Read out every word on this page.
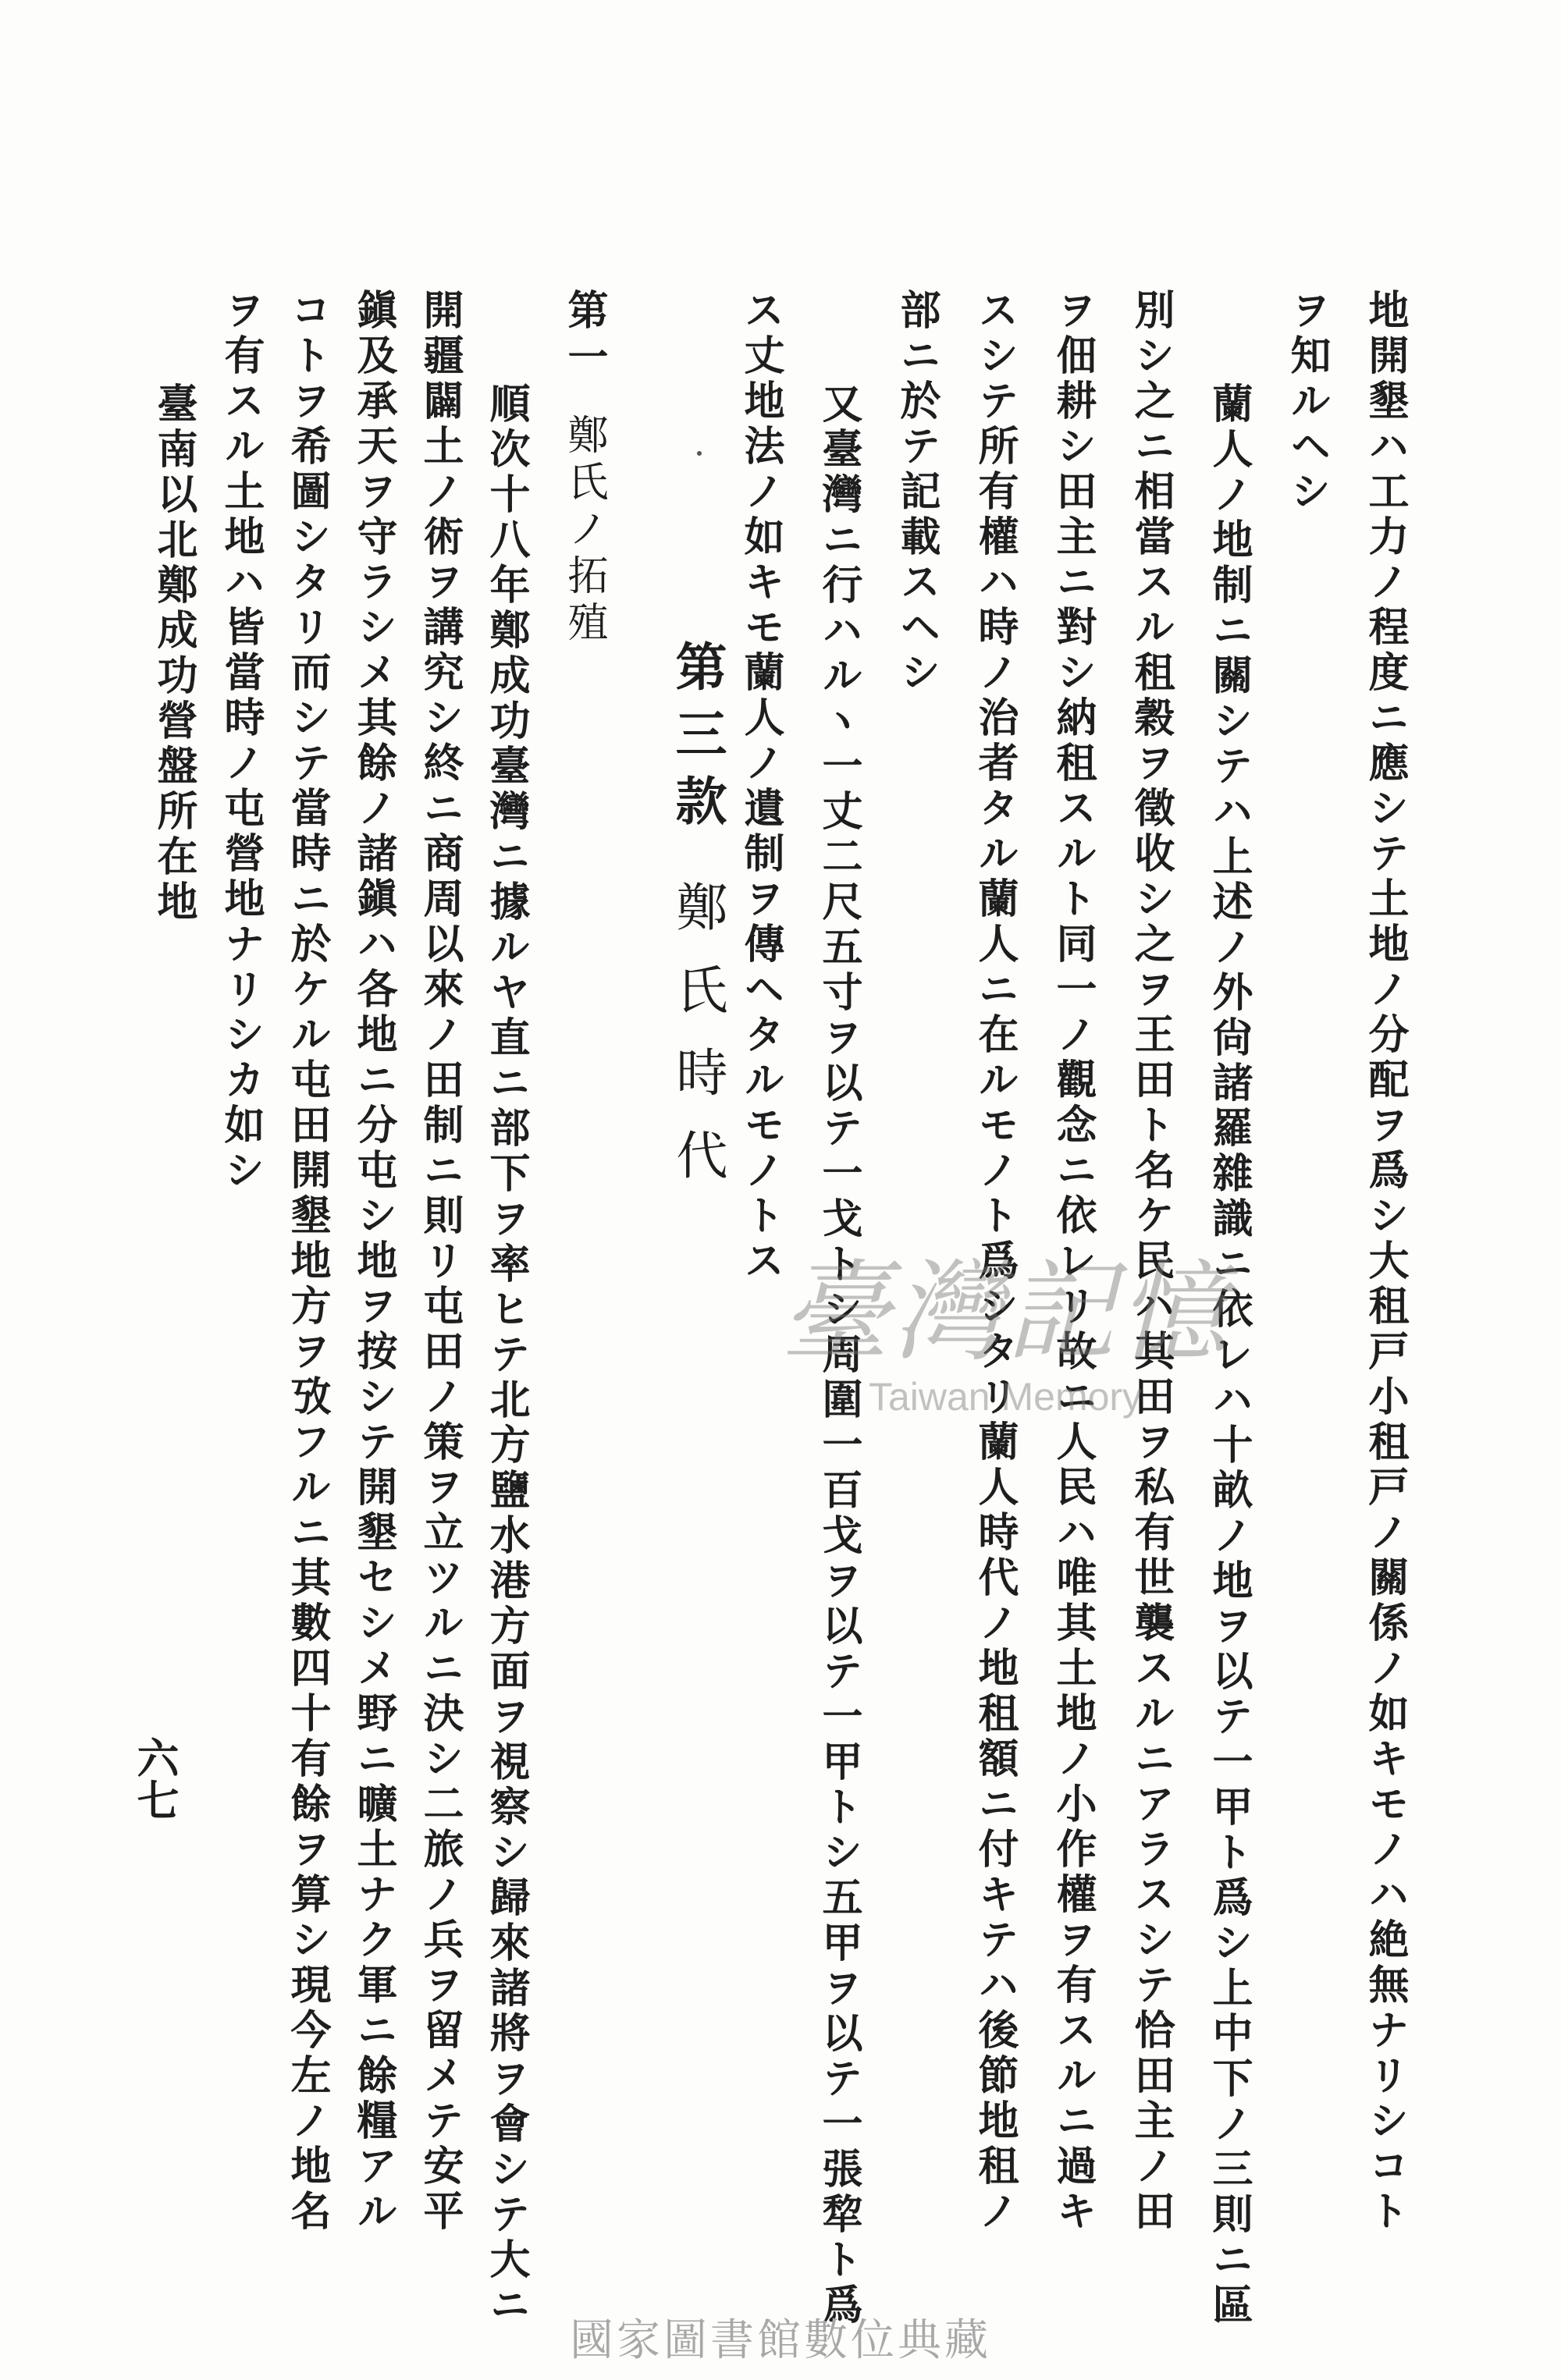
地開墾ハ工力ノ程度ニ應シテ土地ノ分配ヲ爲シ大租戸小租戸ノ關係ノ如キモノハ絶無ナリシコト
ヲ知ルヘシ
蘭人ノ地制ニ關シテハ上述ノ外尙諸羅雜識ニ依レハ十畝ノ地ヲ以テ一甲ト爲シ上中下ノ三則ニ區
別シ之ニ相當スル租穀ヲ徵收シ之ヲ王田ト名ケ民ハ其田ヲ私有世襲スルニアラスシテ恰田主ノ田
ヲ佃耕シ田主ニ對シ納租スルト同一ノ觀念ニ依レリ故ニ人民ハ唯其土地ノ小作權ヲ有スルニ過キ
スシテ所有權ハ時ノ治者タル蘭人ニ在ルモノト爲シタリ蘭人時代ノ地租額ニ付キテハ後節地租ノ
部ニ於テ記載スヘシ
又臺灣ニ行ハルヽ一丈二尺五寸ヲ以テ一戈トシ周圍一百戈ヲ以テ一甲トシ五甲ヲ以テ一張犂ト爲
ス丈地法ノ如キモ蘭人ノ遺制ヲ傳ヘタルモノトス
第三款鄭氏時代
第一鄭氏ノ拓殖
順次十八年鄭成功臺灣ニ據ルヤ直ニ部下ヲ率ヒテ北方鹽水港方面ヲ視察シ歸來諸將ヲ會シテ大ニ
開疆闢土ノ術ヲ講究シ終ニ商周以來ノ田制ニ則リ屯田ノ策ヲ立ツルニ決シ二旅ノ兵ヲ留メテ安平
鎭及承天ヲ守ラシメ其餘ノ諸鎭ハ各地ニ分屯シ地ヲ按シテ開墾セシメ野ニ曠土ナク軍ニ餘糧アル
コトヲ希圖シタリ而シテ當時ニ於ケル屯田開墾地方ヲ攷フルニ其數四十有餘ヲ算シ現今左ノ地名
ヲ有スル土地ハ皆當時ノ屯營地ナリシカ如シ
臺南以北鄭成功營盤所在地
六七
臺灣記憶
Taiwan Memory
國家圖書館數位典藏
